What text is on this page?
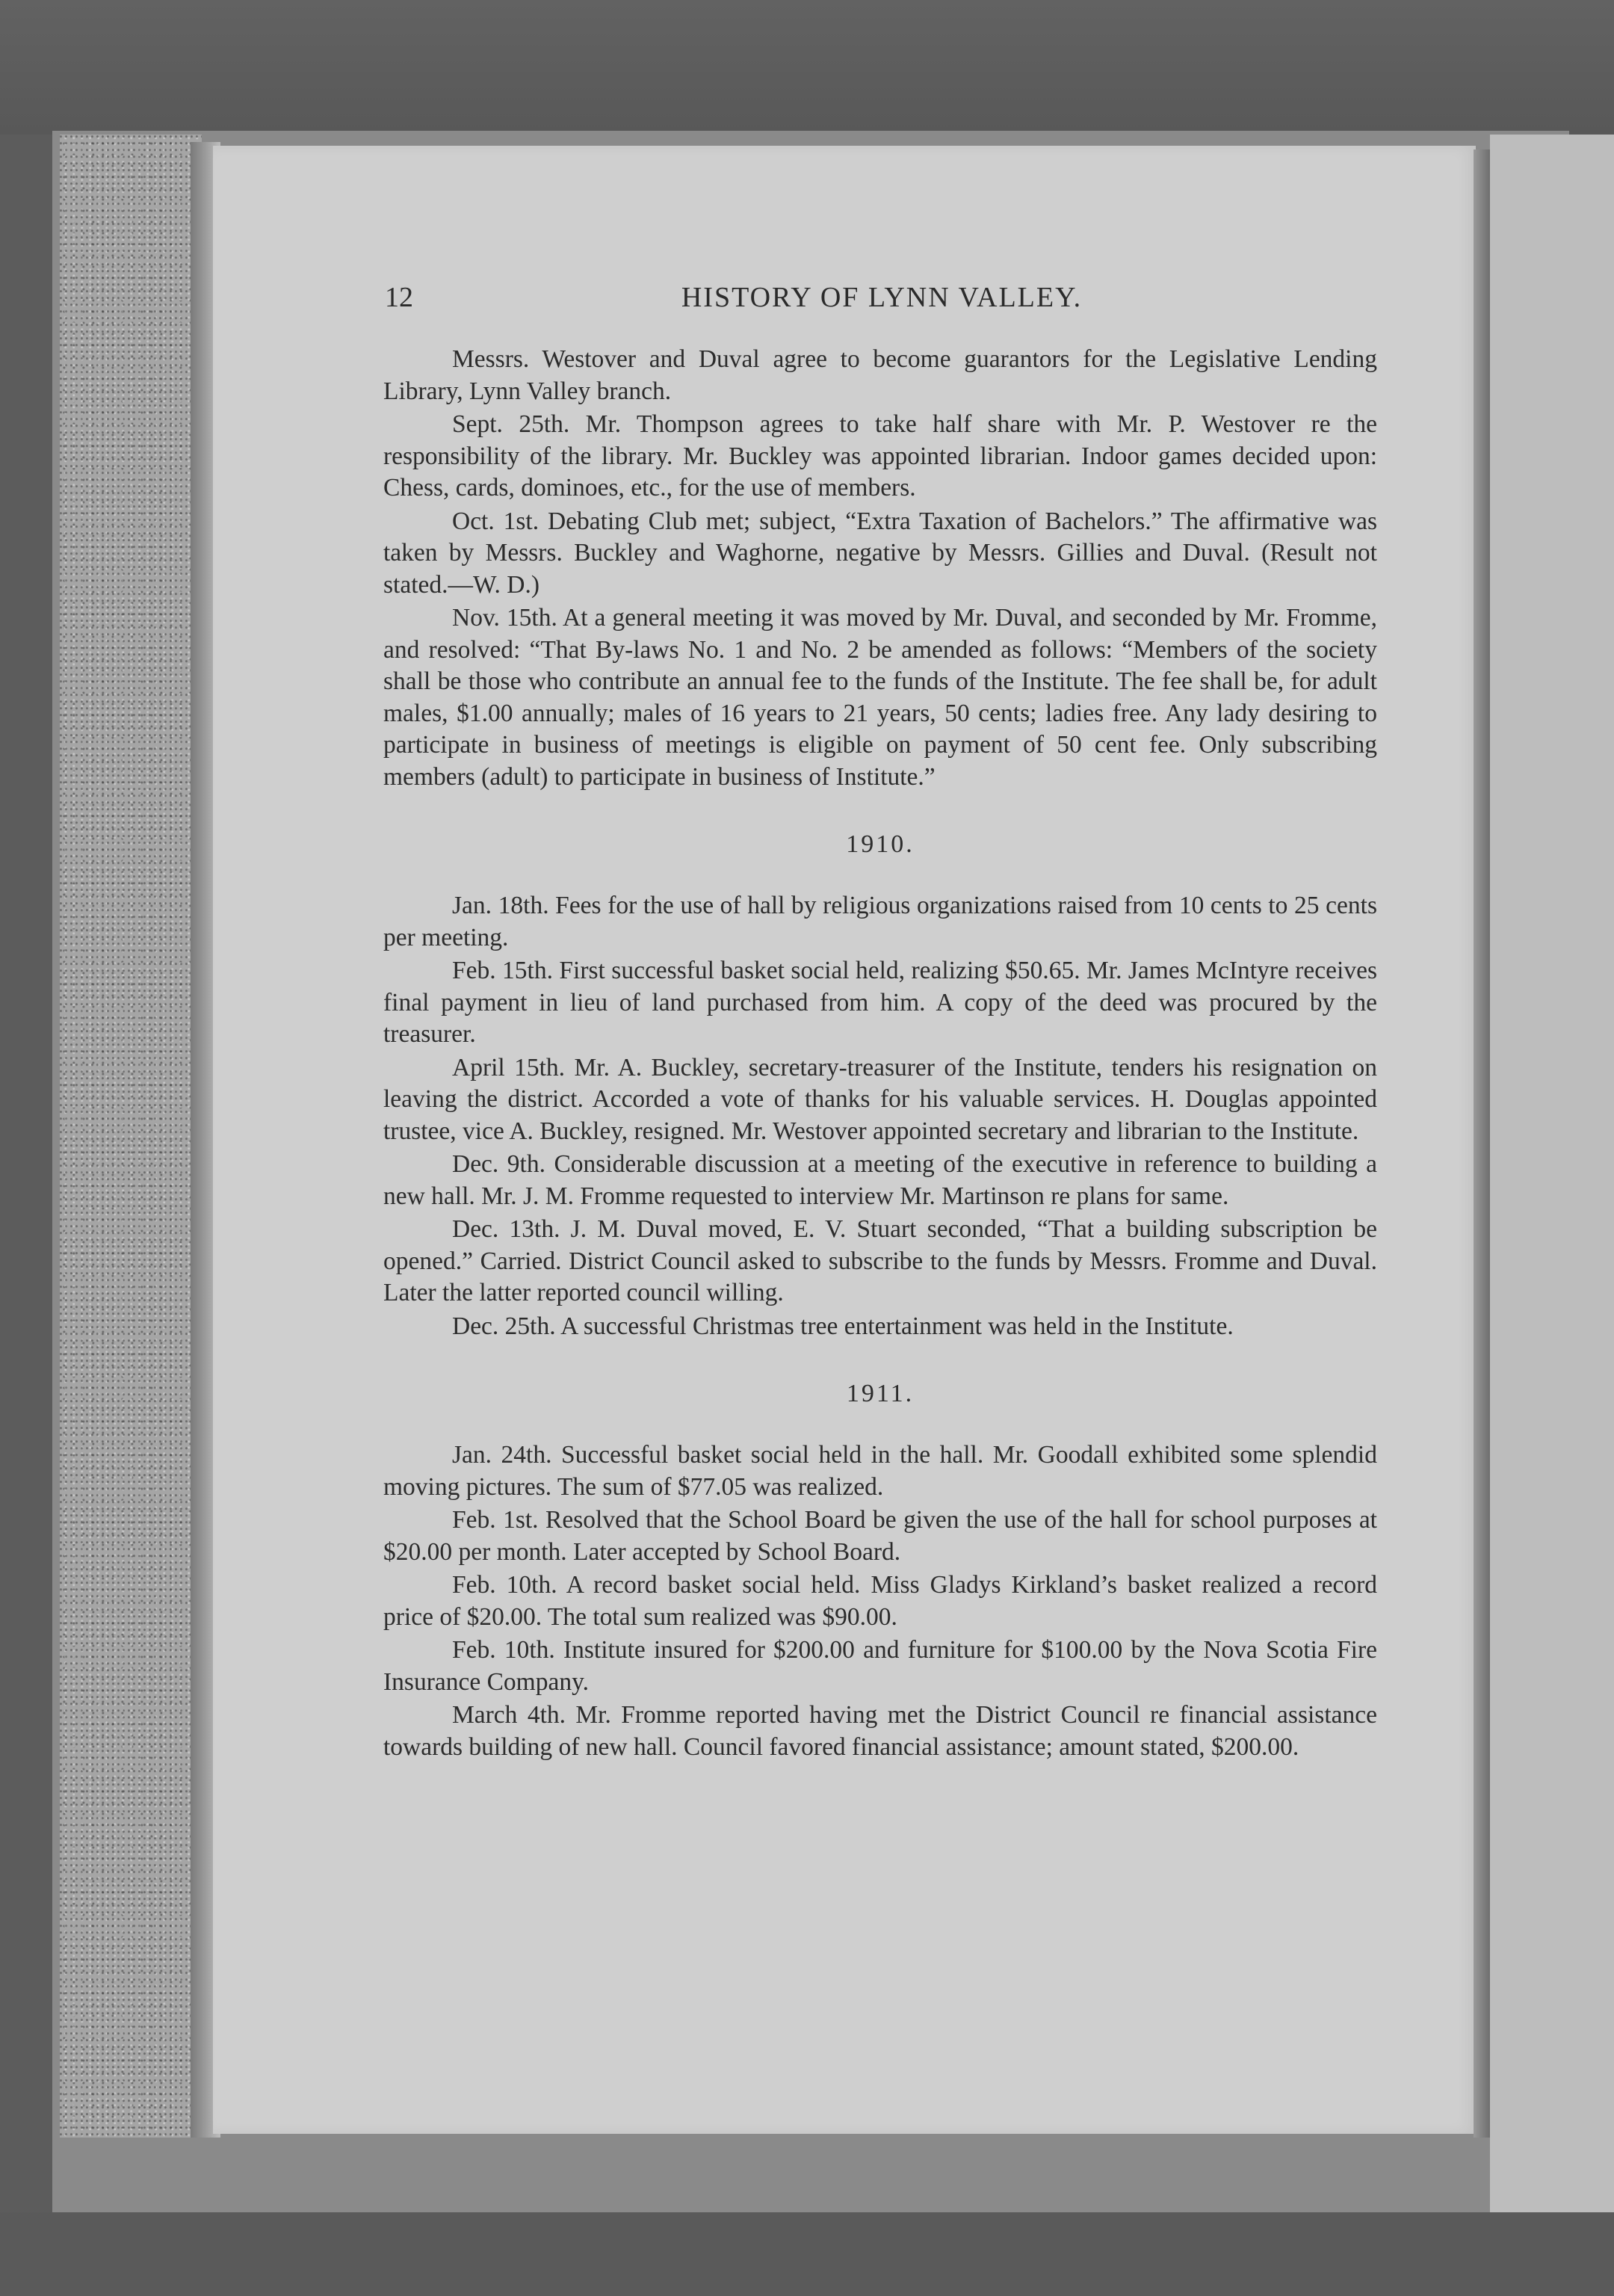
12	HISTORY OF LYNN VALLEY.

Messrs. Westover and Duval agree to become guarantors for the Legislative Lending Library, Lynn Valley branch.

Sept. 25th. Mr. Thompson agrees to take half share with Mr. P. Westover re the responsibility of the library. Mr. Buckley was appointed librarian. Indoor games decided upon: Chess, cards, dominoes, etc., for the use of members.

Oct. 1st. Debating Club met; subject, “Extra Taxation of Bachelors.” The affirmative was taken by Messrs. Buckley and Waghorne, negative by Messrs. Gillies and Duval. (Result not stated.—W. D.)

Nov. 15th. At a general meeting it was moved by Mr. Duval, and seconded by Mr. Fromme, and resolved: “That By-laws No. 1 and No. 2 be amended as follows: “Members of the society shall be those who contribute an annual fee to the funds of the Institute. The fee shall be, for adult males, $1.00 annually; males of 16 years to 21 years, 50 cents; ladies free. Any lady desiring to participate in business of meetings is eligible on payment of 50 cent fee. Only subscribing members (adult) to participate in business of Institute.”

1910.

Jan. 18th. Fees for the use of hall by religious organizations raised from 10 cents to 25 cents per meeting.

Feb. 15th. First successful basket social held, realizing $50.65. Mr. James McIntyre receives final payment in lieu of land purchased from him. A copy of the deed was procured by the treasurer.

April 15th. Mr. A. Buckley, secretary-treasurer of the Institute, tenders his resignation on leaving the district. Accorded a vote of thanks for his valuable services. H. Douglas appointed trustee, vice A. Buckley, resigned. Mr. Westover appointed secretary and librarian to the Institute.

Dec. 9th. Considerable discussion at a meeting of the executive in reference to building a new hall. Mr. J. M. Fromme requested to interview Mr. Martinson re plans for same.

Dec. 13th. J. M. Duval moved, E. V. Stuart seconded, “That a building subscription be opened.” Carried. District Council asked to subscribe to the funds by Messrs. Fromme and Duval. Later the latter reported council willing.

Dec. 25th. A successful Christmas tree entertainment was held in the Institute.

1911.

Jan. 24th. Successful basket social held in the hall. Mr. Goodall exhibited some splendid moving pictures. The sum of $77.05 was realized.

Feb. 1st. Resolved that the School Board be given the use of the hall for school purposes at $20.00 per month. Later accepted by School Board.

Feb. 10th. A record basket social held. Miss Gladys Kirkland’s basket realized a record price of $20.00. The total sum realized was $90.00.

Feb. 10th. Institute insured for $200.00 and furniture for $100.00 by the Nova Scotia Fire Insurance Company.

March 4th. Mr. Fromme reported having met the District Council re financial assistance towards building of new hall. Council favored financial assistance; amount stated, $200.00.
